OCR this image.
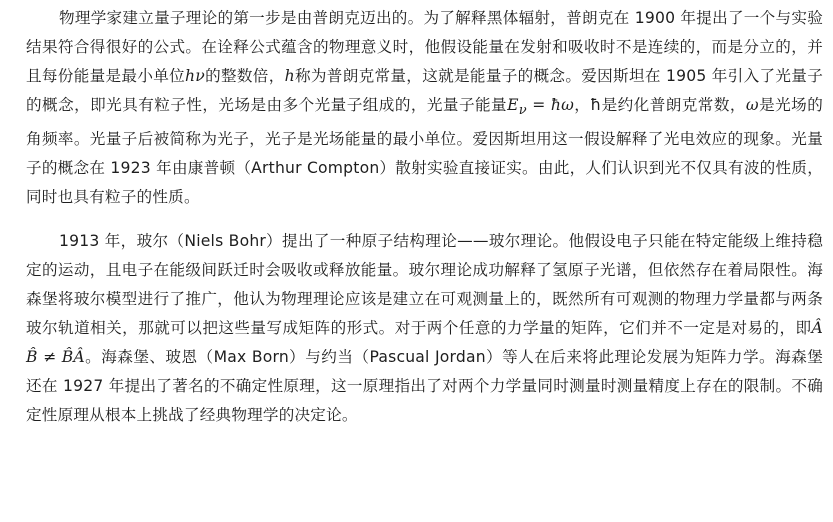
物理学家建立量子理论的第一步是由普朗克迈出的。为了解释黑体辐射，普朗克在 1900 年提出了一个与实验结果符合得很好的公式。在诠释公式蕴含的物理意义时，他假设能量在发射和吸收时不是连续的，而是分立的，并且每份能量是最小单位hν的整数倍，h称为普朗克常量，这就是能量子的概念。爱因斯坦在 1905 年引入了光量子的概念，即光具有粒子性，光场是由多个光量子组成的，光量子能量$E_\nu$ = ħω，ħ是约化普朗克常数，ω是光场的角频率。光量子后被简称为光子，光子是光场能量的最小单位。爱因斯坦用这一假设解释了光电效应的现象。光量子的概念在 1923 年由康普顿（Arthur Compton）散射实验直接证实。由此，人们认识到光不仅具有波的性质，同时也具有粒子的性质。

1913 年，玻尔（Niels Bohr）提出了一种原子结构理论——玻尔理论。他假设电子只能在特定能级上维持稳定的运动，且电子在能级间跃迁时会吸收或释放能量。玻尔理论成功解释了氢原子光谱，但依然存在着局限性。海森堡将玻尔模型进行了推广，他认为物理理论应该是建立在可观测量上的，既然所有可观测的物理力学量都与两条玻尔轨道相关，那就可以把这些量写成矩阵的形式。对于两个任意的力学量的矩阵，它们并不一定是对易的，即ÂB̂ ≠ B̂Â。海森堡、玻恩（Max Born）与约当（Pascual Jordan）等人在后来将此理论发展为矩阵力学。海森堡还在 1927 年提出了著名的不确定性原理，这一原理指出了对两个力学量同时测量时测量精度上存在的限制。不确定性原理从根本上挑战了经典物理学的决定论。
